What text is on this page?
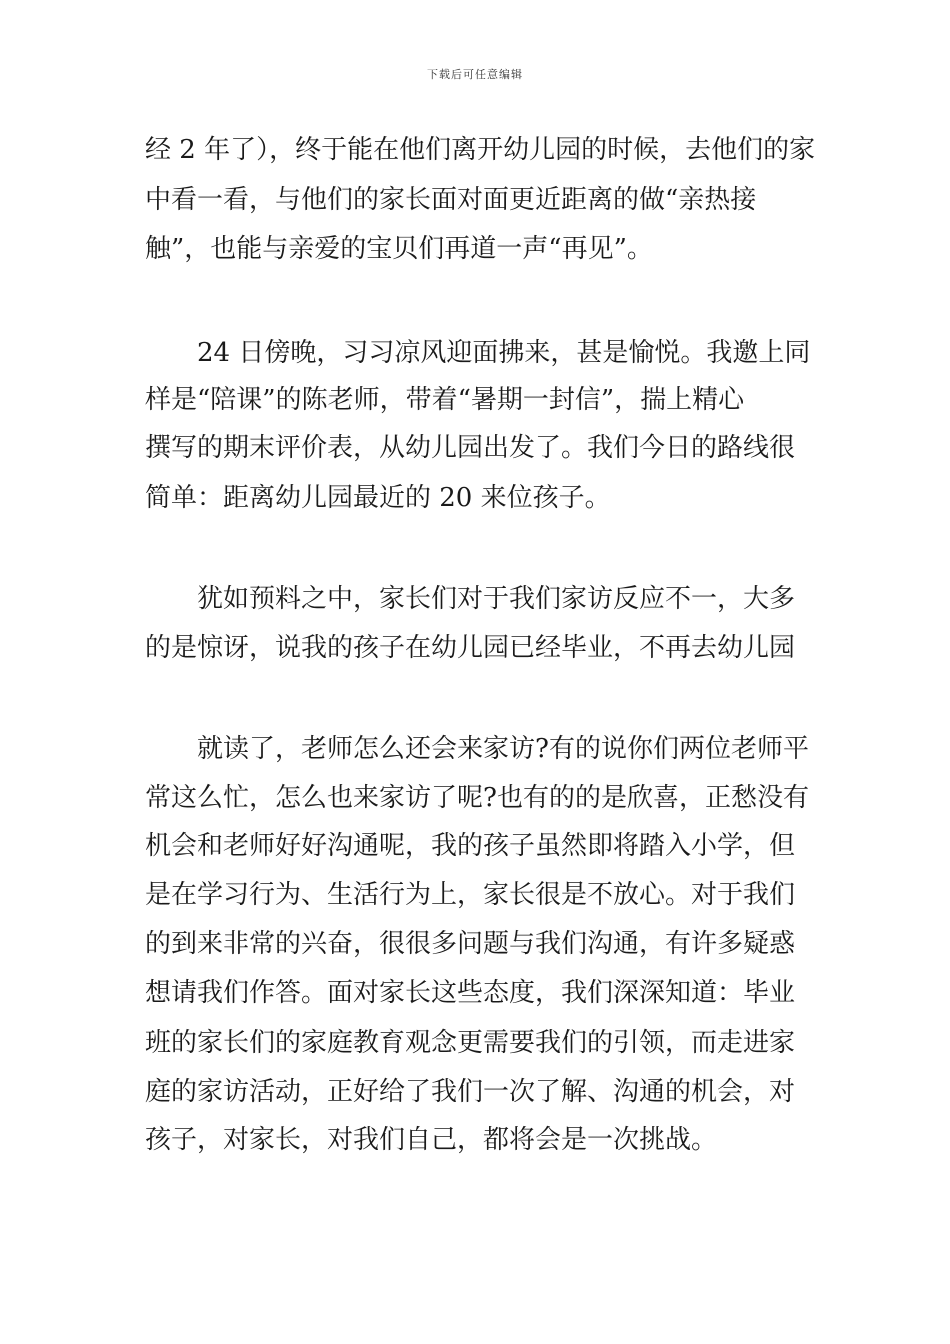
下载后可任意编辑
经 2 年了），终于能在他们离开幼儿园的时候，去他们的家
中看一看，与他们的家长面对面更近距离的做“亲热接
触”，也能与亲爱的宝贝们再道一声“再见”。
24 日傍晚，习习凉风迎面拂来，甚是愉悦。我邀上同
样是“陪课”的陈老师，带着“暑期一封信”，揣上精心
撰写的期末评价表，从幼儿园出发了。我们今日的路线很
简单：距离幼儿园最近的 20 来位孩子。
犹如预料之中，家长们对于我们家访反应不一，大多
的是惊讶，说我的孩子在幼儿园已经毕业，不再去幼儿园
就读了，老师怎么还会来家访?有的说你们两位老师平
常这么忙，怎么也来家访了呢?也有的的是欣喜，正愁没有
机会和老师好好沟通呢，我的孩子虽然即将踏入小学，但
是在学习行为、生活行为上，家长很是不放心。对于我们
的到来非常的兴奋，很很多问题与我们沟通，有许多疑惑
想请我们作答。面对家长这些态度，我们深深知道：毕业
班的家长们的家庭教育观念更需要我们的引领，而走进家
庭的家访活动，正好给了我们一次了解、沟通的机会，对
孩子，对家长，对我们自己，都将会是一次挑战。
